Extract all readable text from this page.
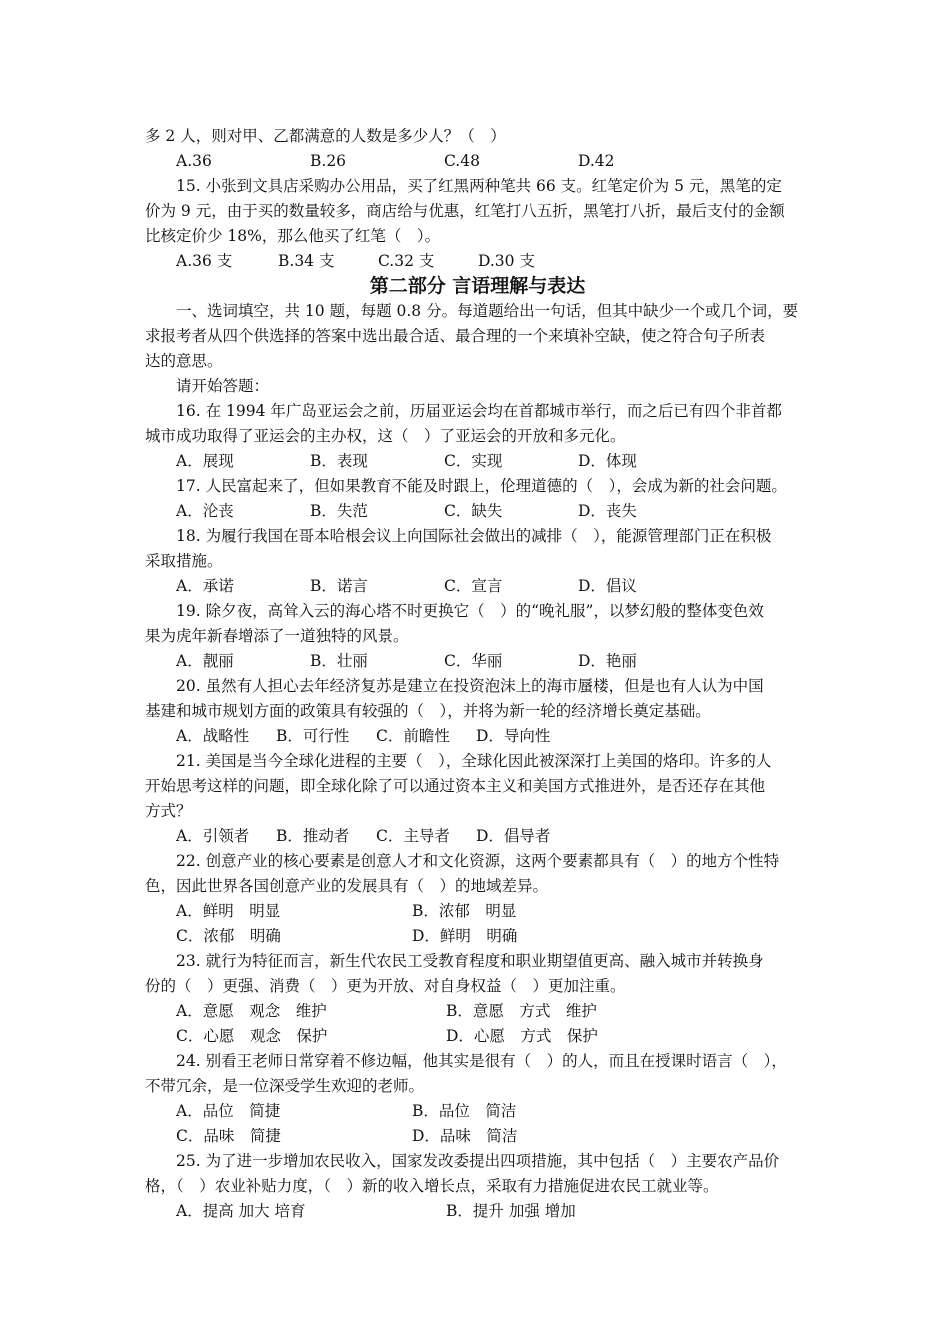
多 2 人，则对甲、乙都满意的人数是多少人？（　）
A.36	B.26	C.48	D.42
15. 小张到文具店采购办公用品，买了红黑两种笔共 66 支。红笔定价为 5 元，黑笔的定
价为 9 元，由于买的数量较多，商店给与优惠，红笔打八五折，黑笔打八折，最后支付的金额
比核定价少 18%，那么他买了红笔（　）。
A.36 支	B.34 支	C.32 支	D.30 支
第二部分 言语理解与表达
一、选词填空，共 10 题，每题 0.8 分。每道题给出一句话，但其中缺少一个或几个词，要
求报考者从四个供选择的答案中选出最合适、最合理的一个来填补空缺，使之符合句子所表
达的意思。
请开始答题：
16. 在 1994 年广岛亚运会之前，历届亚运会均在首都城市举行，而之后已有四个非首都
城市成功取得了亚运会的主办权，这（　）了亚运会的开放和多元化。
A．展现	B．表现	C．实现	D．体现
17. 人民富起来了，但如果教育不能及时跟上，伦理道德的（　），会成为新的社会问题。
A．沦丧	B．失范	C．缺失	D．丧失
18. 为履行我国在哥本哈根会议上向国际社会做出的减排（　），能源管理部门正在积极
采取措施。
A．承诺	B．诺言	C．宣言	D．倡议
19. 除夕夜，高耸入云的海心塔不时更换它（　）的“晚礼服”，以梦幻般的整体变色效
果为虎年新春增添了一道独特的风景。
A．靓丽	B．壮丽	C．华丽	D．艳丽
20. 虽然有人担心去年经济复苏是建立在投资泡沫上的海市蜃楼，但是也有人认为中国
基建和城市规划方面的政策具有较强的（　），并将为新一轮的经济增长奠定基础。
A．战略性 B．可行性 C．前瞻性 D．导向性
21. 美国是当今全球化进程的主要（　），全球化因此被深深打上美国的烙印。许多的人
开始思考这样的问题，即全球化除了可以通过资本主义和美国方式推进外，是否还存在其他
方式？
A．引领者 B．推动者 C．主导者 D．倡导者
22. 创意产业的核心要素是创意人才和文化资源，这两个要素都具有（　）的地方个性特
色，因此世界各国创意产业的发展具有（　）的地域差异。
A．鲜明　明显	B．浓郁　明显
C．浓郁　明确	D．鲜明　明确
23. 就行为特征而言，新生代农民工受教育程度和职业期望值更高、融入城市并转换身
份的（　）更强、消费（　）更为开放、对自身权益（　）更加注重。
A．意愿　观念　维护	B．意愿　方式　维护
C．心愿　观念　保护	D．心愿　方式　保护
24. 别看王老师日常穿着不修边幅，他其实是很有（　）的人，而且在授课时语言（　），
不带冗余，是一位深受学生欢迎的老师。
A．品位　简捷	B．品位　简洁
C．品味　简捷	D．品味　简洁
25. 为了进一步增加农民收入，国家发改委提出四项措施，其中包括（　）主要农产品价
格，（　）农业补贴力度，（　）新的收入增长点，采取有力措施促进农民工就业等。
A．提高 加大 培育	B．提升 加强 增加
